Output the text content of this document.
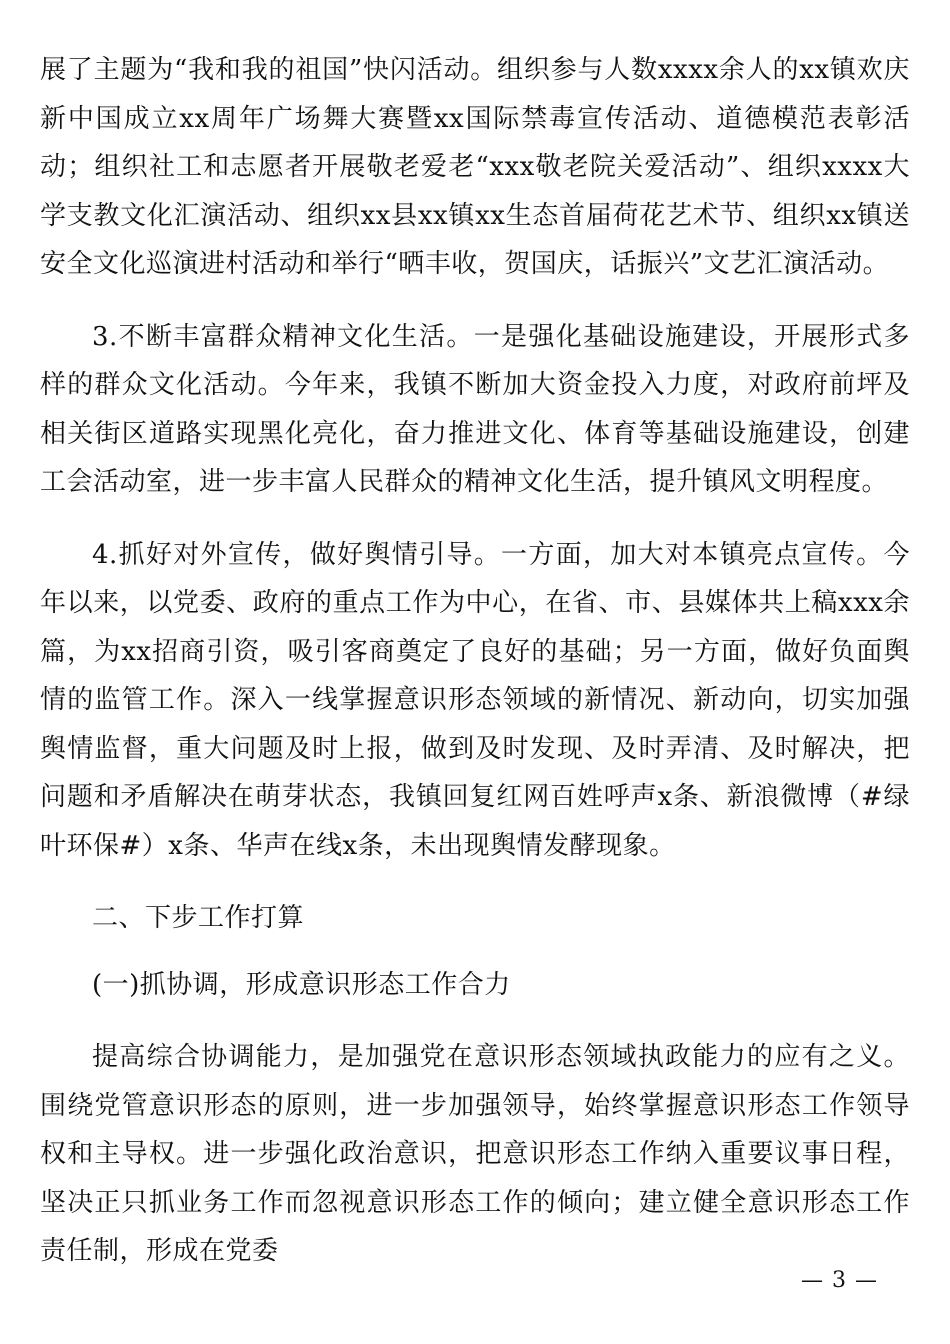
展了主题为“我和我的祖国”快闪活动。组织参与人数xxxx余人的xx镇欢庆新中国成立xx周年广场舞大赛暨xx国际禁毒宣传活动、道德模范表彰活动；组织社工和志愿者开展敬老爱老“xxx敬老院关爱活动”、组织xxxx大学支教文化汇演活动、组织xx县xx镇xx生态首届荷花艺术节、组织xx镇送安全文化巡演进村活动和举行“晒丰收，贺国庆，话振兴”文艺汇演活动。

3.不断丰富群众精神文化生活。一是强化基础设施建设，开展形式多样的群众文化活动。今年来，我镇不断加大资金投入力度，对政府前坪及相关街区道路实现黑化亮化，奋力推进文化、体育等基础设施建设，创建工会活动室，进一步丰富人民群众的精神文化生活，提升镇风文明程度。

4.抓好对外宣传，做好舆情引导。一方面，加大对本镇亮点宣传。今年以来，以党委、政府的重点工作为中心，在省、市、县媒体共上稿xxx余篇，为xx招商引资，吸引客商奠定了良好的基础；另一方面，做好负面舆情的监管工作。深入一线掌握意识形态领域的新情况、新动向，切实加强舆情监督，重大问题及时上报，做到及时发现、及时弄清、及时解决，把问题和矛盾解决在萌芽状态，我镇回复红网百姓呼声x条、新浪微博（#绿叶环保#）x条、华声在线x条，未出现舆情发酵现象。

二、下步工作打算

(一)抓协调，形成意识形态工作合力

提高综合协调能力，是加强党在意识形态领域执政能力的应有之义。围绕党管意识形态的原则，进一步加强领导，始终掌握意识形态工作领导权和主导权。进一步强化政治意识，把意识形态工作纳入重要议事日程，坚决正只抓业务工作而忽视意识形态工作的倾向；建立健全意识形态工作责任制，形成在党委

— 3 —
